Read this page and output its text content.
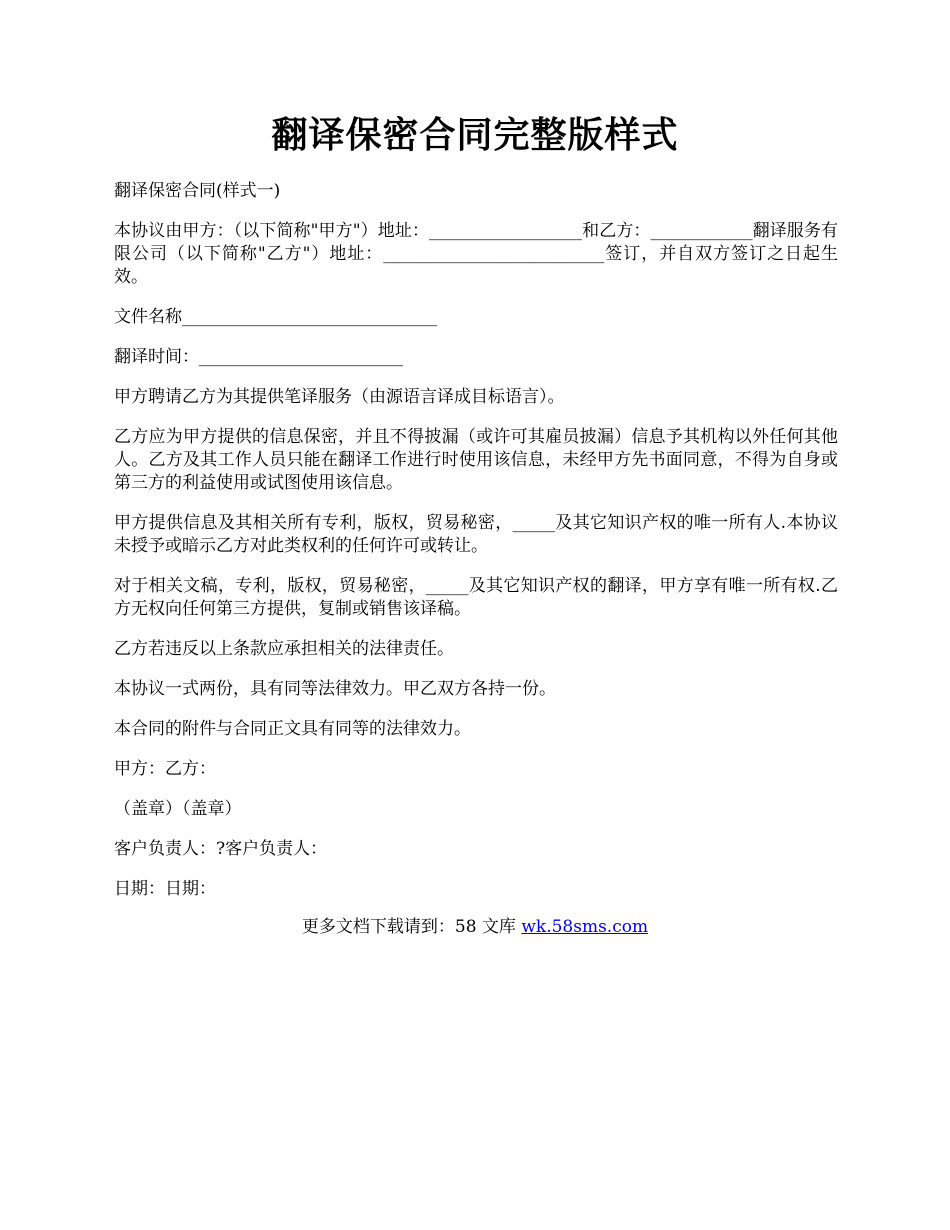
翻译保密合同完整版样式

翻译保密合同(样式一)

本协议由甲方：（以下简称"甲方"）地址：__________________和乙方：____________翻译服务有限公司（以下简称"乙方"）地址：__________________________签订，并自双方签订之日起生效。

文件名称______________________________

翻译时间：________________________

甲方聘请乙方为其提供笔译服务（由源语言译成目标语言）。

乙方应为甲方提供的信息保密，并且不得披漏（或许可其雇员披漏）信息予其机构以外任何其他人。乙方及其工作人员只能在翻译工作进行时使用该信息，未经甲方先书面同意，不得为自身或第三方的利益使用或试图使用该信息。

甲方提供信息及其相关所有专利，版权，贸易秘密，_____及其它知识产权的唯一所有人.本协议未授予或暗示乙方对此类权利的任何许可或转让。

对于相关文稿，专利，版权，贸易秘密，_____及其它知识产权的翻译，甲方享有唯一所有权.乙方无权向任何第三方提供，复制或销售该译稿。

乙方若违反以上条款应承担相关的法律责任。

本协议一式两份，具有同等法律效力。甲乙双方各持一份。

本合同的附件与合同正文具有同等的法律效力。

甲方：乙方：

（盖章）（盖章）

客户负责人：?客户负责人：

日期：日期：

更多文档下载请到：58 文库 wk.58sms.com
